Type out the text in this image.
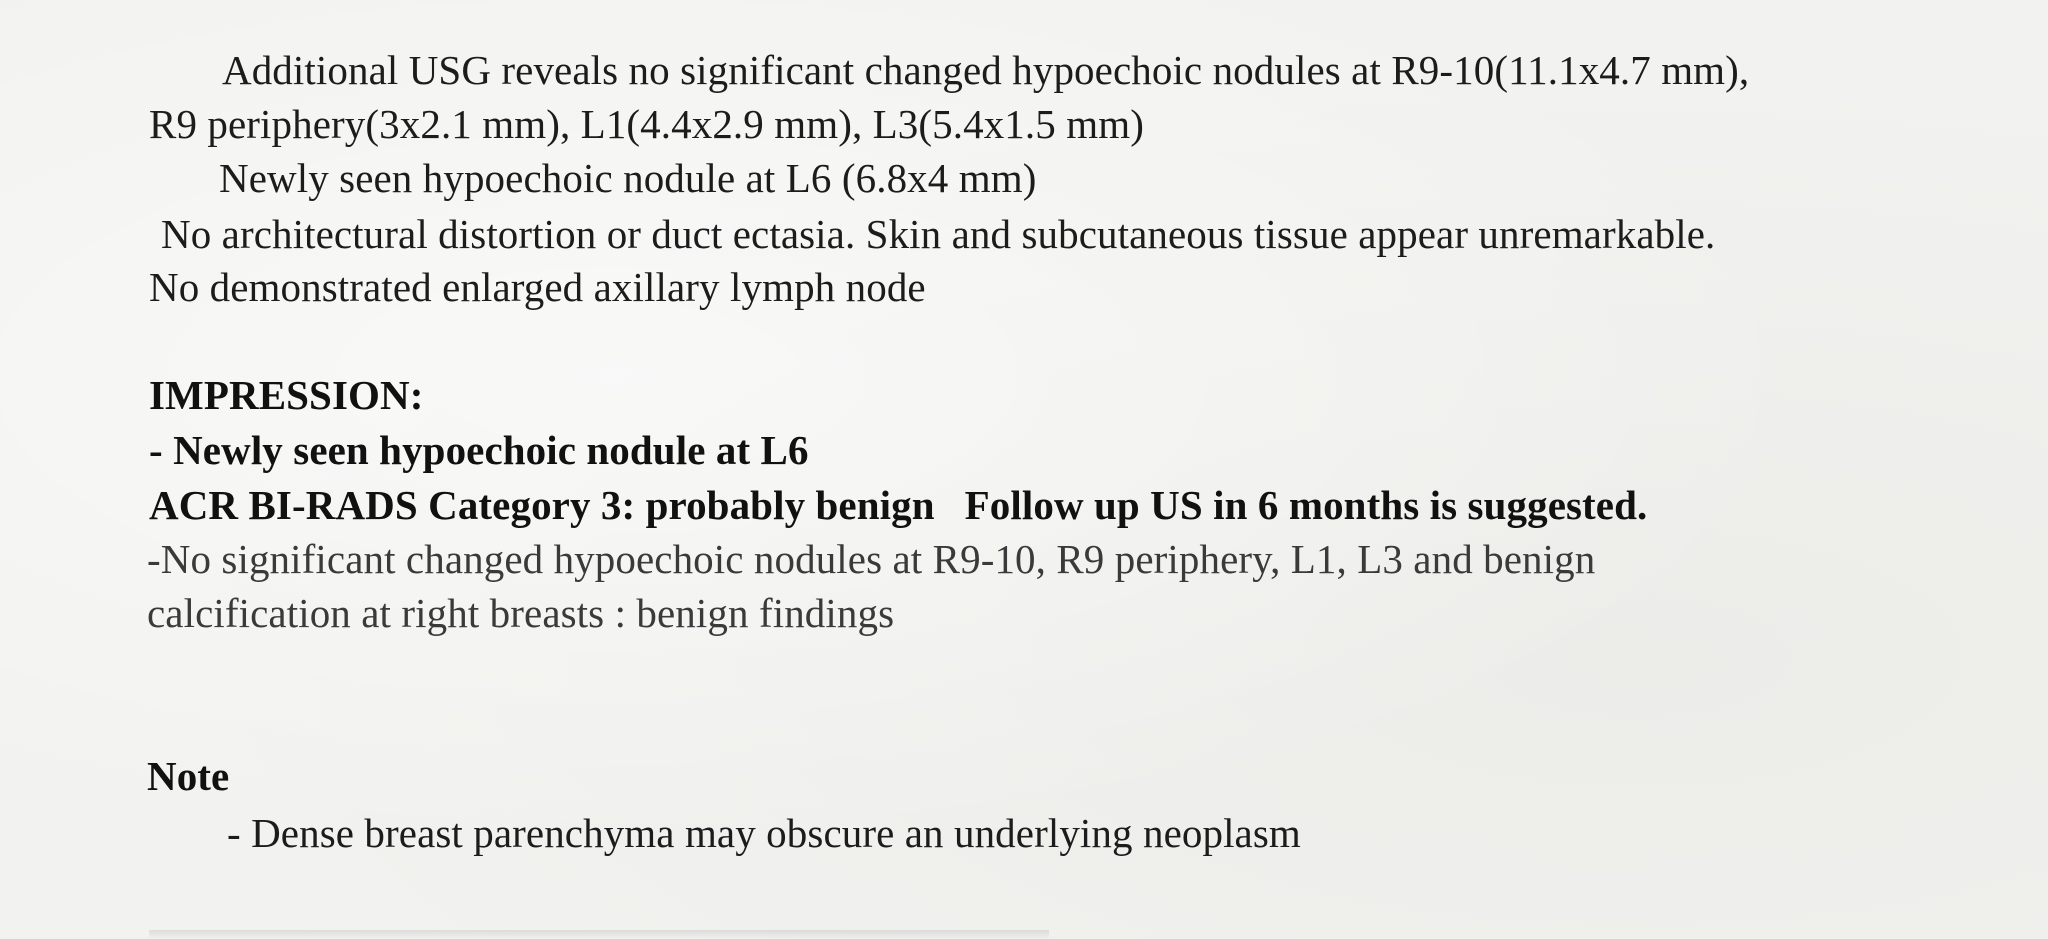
Additional USG reveals no significant changed hypoechoic nodules at R9-10(11.1x4.7 mm),
R9 periphery(3x2.1 mm), L1(4.4x2.9 mm), L3(5.4x1.5 mm)
Newly seen hypoechoic nodule at L6 (6.8x4 mm)
No architectural distortion or duct ectasia. Skin and subcutaneous tissue appear unremarkable.
No demonstrated enlarged axillary lymph node
IMPRESSION:
- Newly seen hypoechoic nodule at L6
ACR BI-RADS Category 3: probably benign Follow up US in 6 months is suggested.
-No significant changed hypoechoic nodules at R9-10, R9 periphery, L1, L3 and benign
calcification at right breasts : benign findings
Note
- Dense breast parenchyma may obscure an underlying neoplasm
